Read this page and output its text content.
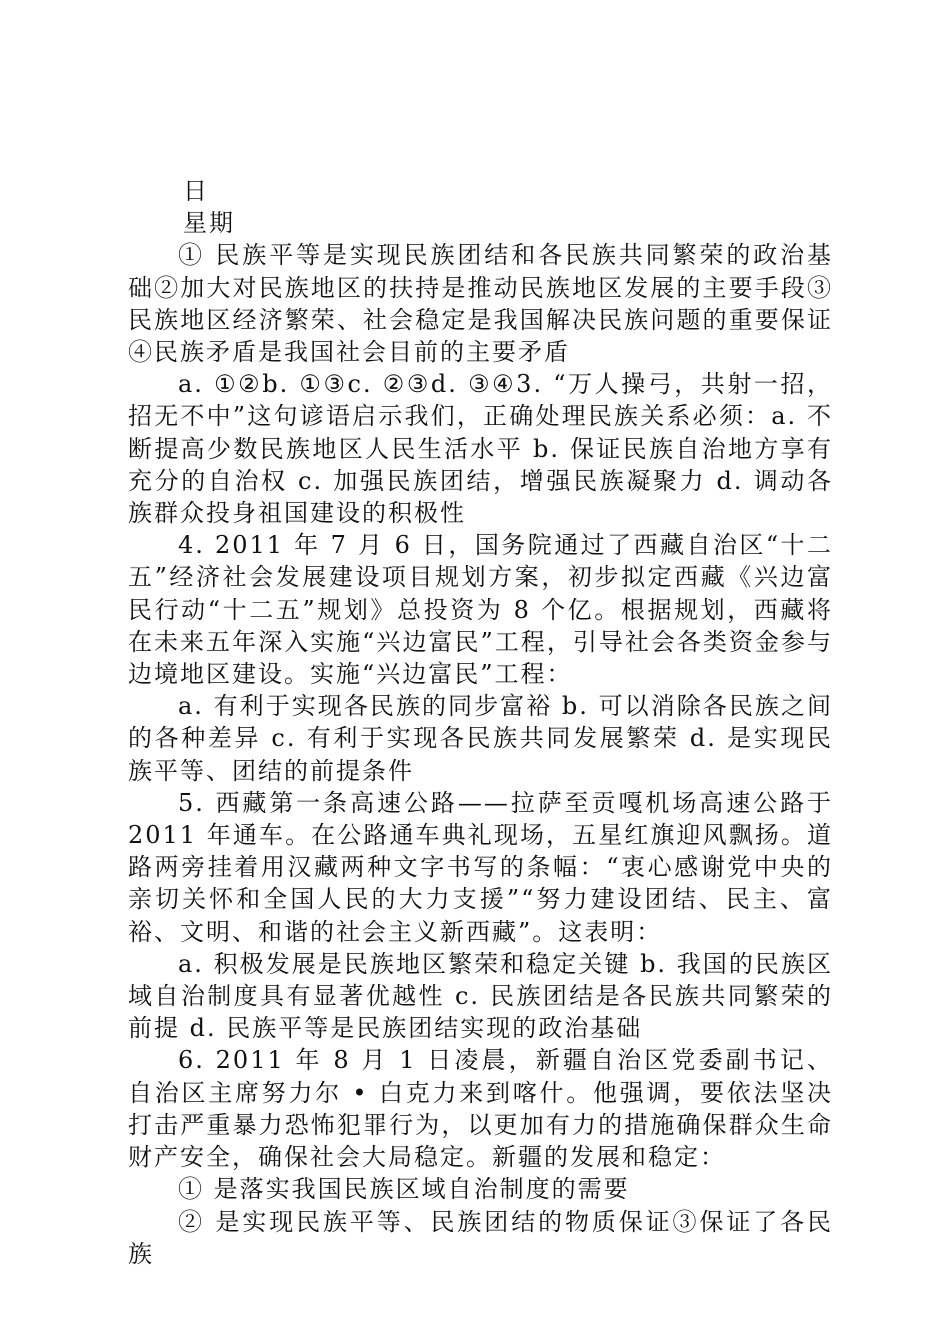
日

星期

① 民族平等是实现民族团结和各民族共同繁荣的政治基础②加大对民族地区的扶持是推动民族地区发展的主要手段③民族地区经济繁荣、社会稳定是我国解决民族问题的重要保证④民族矛盾是我国社会目前的主要矛盾

a. ①②b. ①③c. ②③d. ③④3. “万人操弓，共射一招，招无不中”这句谚语启示我们，正确处理民族关系必须：a. 不断提高少数民族地区人民生活水平 b. 保证民族自治地方享有充分的自治权 c. 加强民族团结，增强民族凝聚力 d. 调动各族群众投身祖国建设的积极性

4. 2011 年 7 月 6 日，国务院通过了西藏自治区“十二五”经济社会发展建设项目规划方案，初步拟定西藏《兴边富民行动“十二五”规划》总投资为 8 个亿。根据规划，西藏将在未来五年深入实施“兴边富民”工程，引导社会各类资金参与边境地区建设。实施“兴边富民”工程：

a. 有利于实现各民族的同步富裕 b. 可以消除各民族之间的各种差异 c. 有利于实现各民族共同发展繁荣 d. 是实现民族平等、团结的前提条件

5. 西藏第一条高速公路——拉萨至贡嘎机场高速公路于 2011 年通车。在公路通车典礼现场，五星红旗迎风飘扬。道路两旁挂着用汉藏两种文字书写的条幅：“衷心感谢党中央的亲切关怀和全国人民的大力支援”“努力建设团结、民主、富裕、文明、和谐的社会主义新西藏”。这表明：

a. 积极发展是民族地区繁荣和稳定关键 b. 我国的民族区域自治制度具有显著优越性 c. 民族团结是各民族共同繁荣的前提 d. 民族平等是民族团结实现的政治基础

6. 2011 年 8 月 1 日凌晨，新疆自治区党委副书记、自治区主席努力尔 • 白克力来到喀什。他强调，要依法坚决打击严重暴力恐怖犯罪行为，以更加有力的措施确保群众生命财产安全，确保社会大局稳定。新疆的发展和稳定：

① 是落实我国民族区域自治制度的需要

② 是实现民族平等、民族团结的物质保证③保证了各民族
